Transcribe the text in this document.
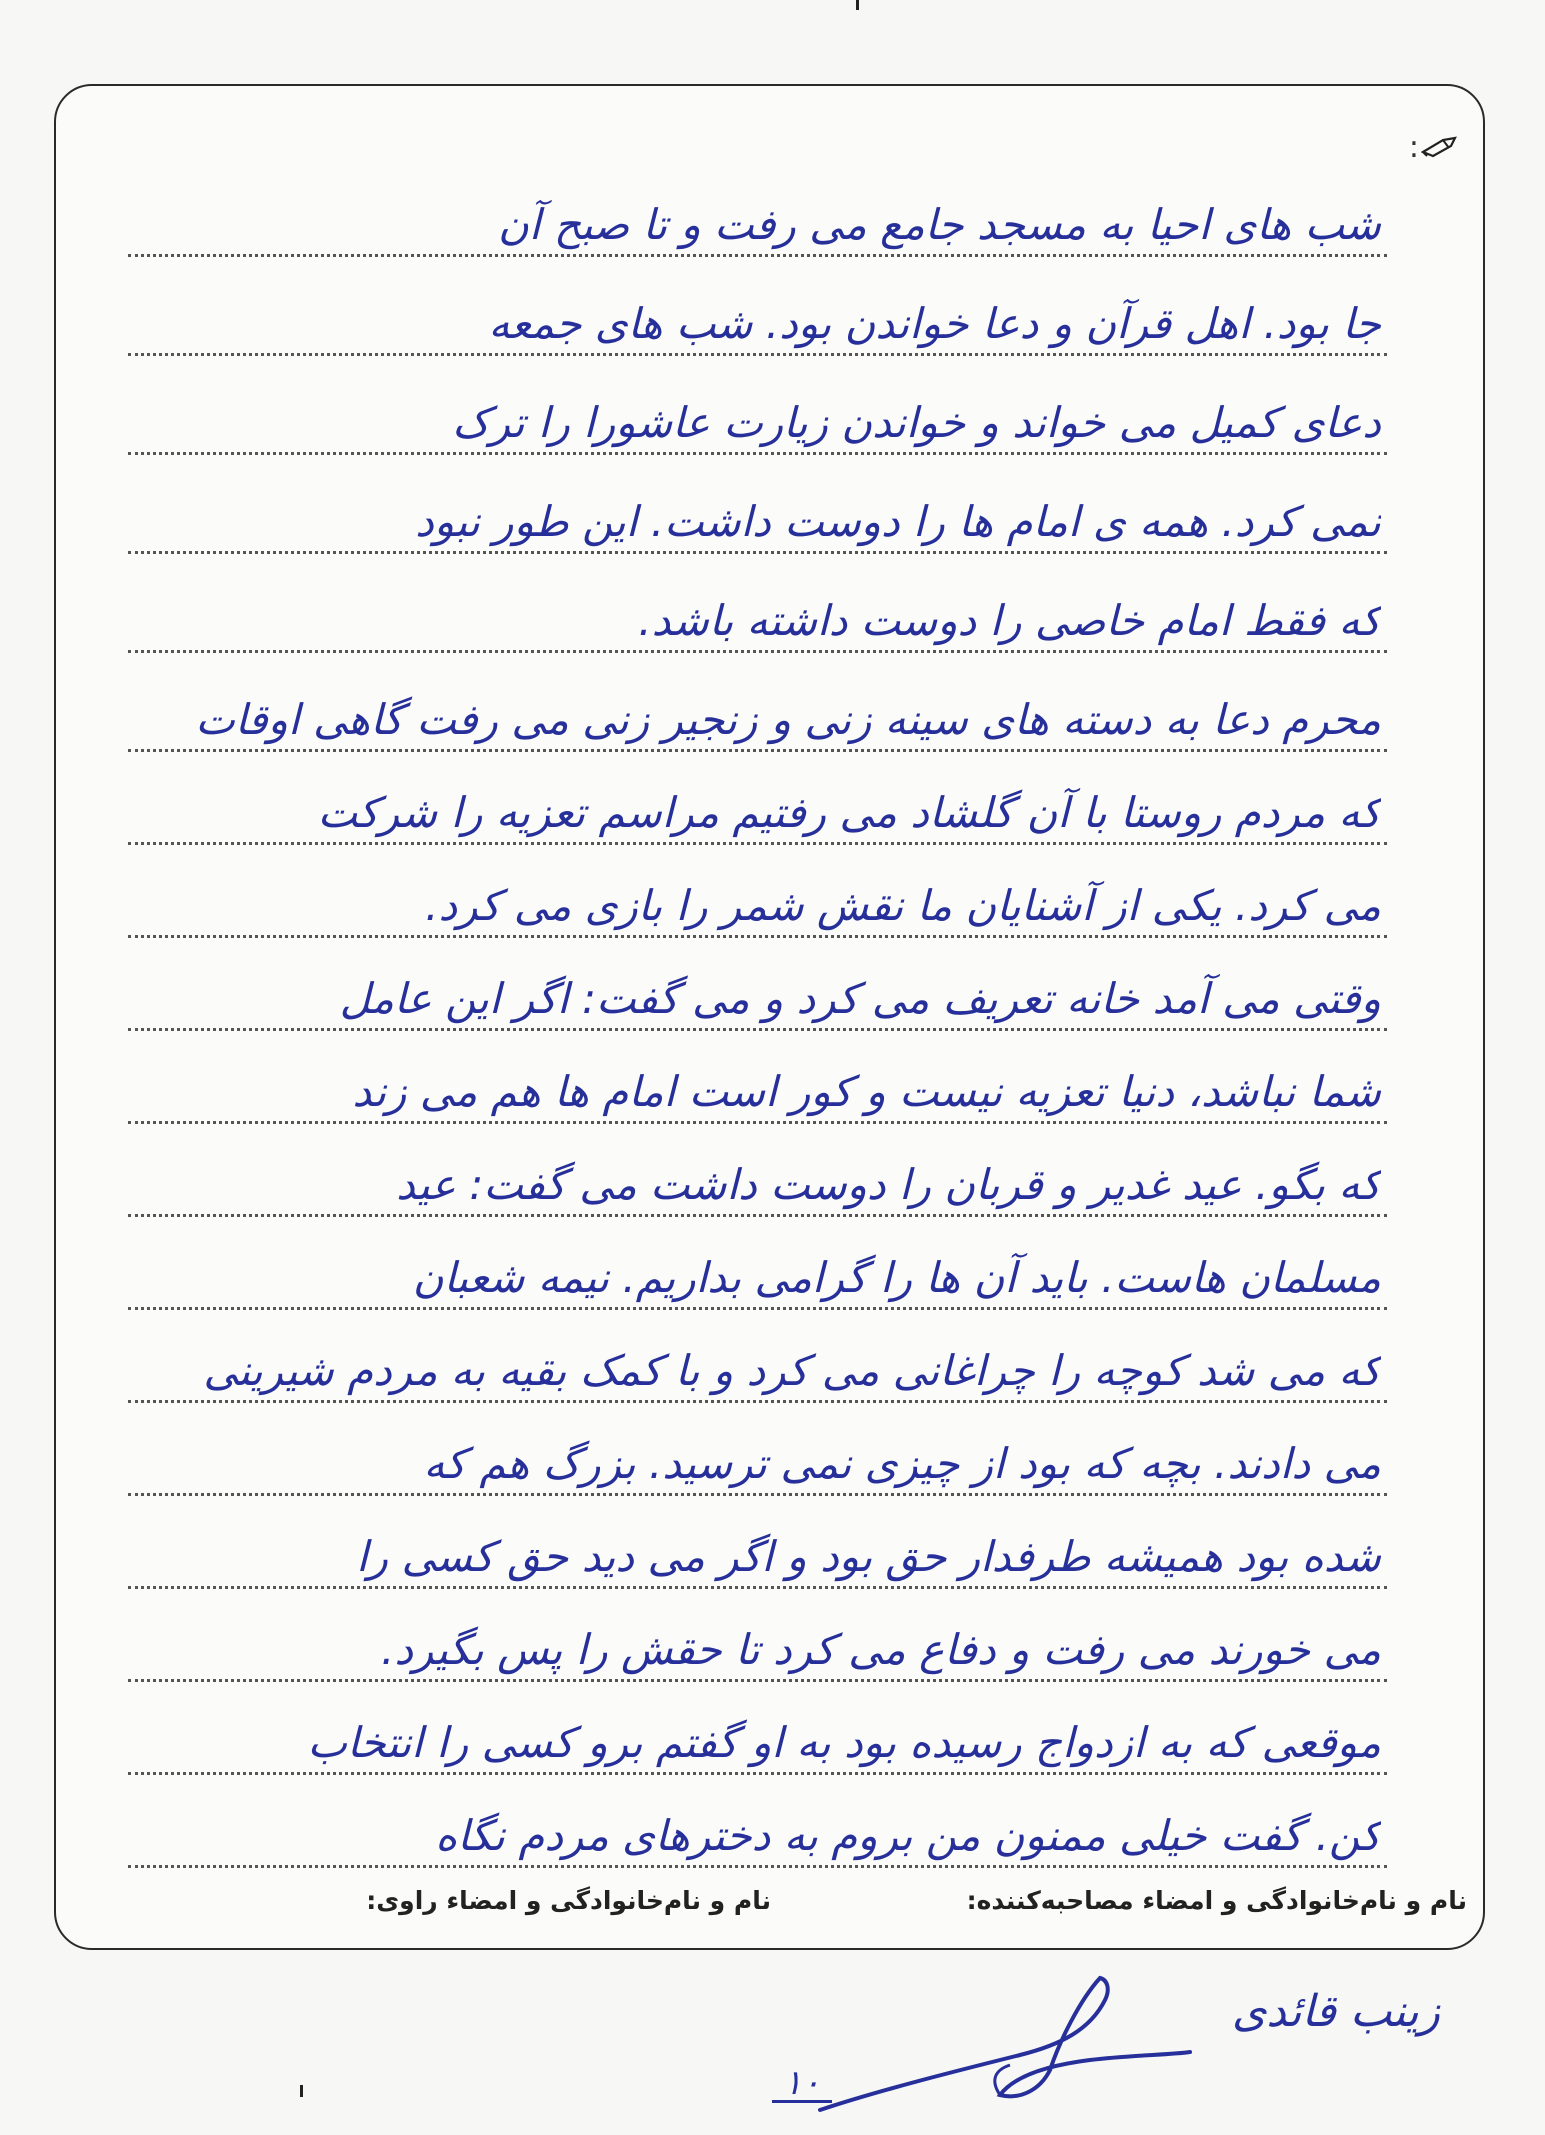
:
شب های احیا به مسجد جامع می رفت و تا صبح آن
جا بود. اهل قرآن و دعا خواندن بود. شب های جمعه
دعای کمیل می خواند و خواندن زیارت عاشورا را ترک
نمی کرد. همه ی امام ها را دوست داشت. این طور نبود
که فقط امام خاصی را دوست داشته باشد.
محرم دعا به دسته های سینه زنی و زنجیر زنی می رفت گاهی اوقات
که مردم روستا با آن گلشاد می رفتیم مراسم تعزیه را شرکت
می کرد. یکی از آشنایان ما نقش شمر را بازی می کرد.
وقتی می آمد خانه تعریف می کرد و می گفت: اگر این عامل
شما نباشد، دنیا تعزیه نیست و کور است امام ها هم می زند
که بگو. عید غدیر و قربان را دوست داشت می گفت: عید
مسلمان هاست. باید آن ها را گرامی بداریم. نیمه شعبان
که می شد کوچه را چراغانی می کرد و با کمک بقیه به مردم شیرینی
می دادند. بچه که بود از چیزی نمی ترسید. بزرگ هم که
شده بود همیشه طرفدار حق بود و اگر می دید حق کسی را
می خورند می رفت و دفاع می کرد تا حقش را پس بگیرد.
موقعی که به ازدواج رسیده بود به او گفتم برو کسی را انتخاب
کن. گفت خیلی ممنون من بروم به دخترهای مردم نگاه
نام و نام‌خانوادگی و امضاء مصاحبه‌کننده:
نام و نام‌خانوادگی و امضاء راوی:
زینب قائدی
۱۰
